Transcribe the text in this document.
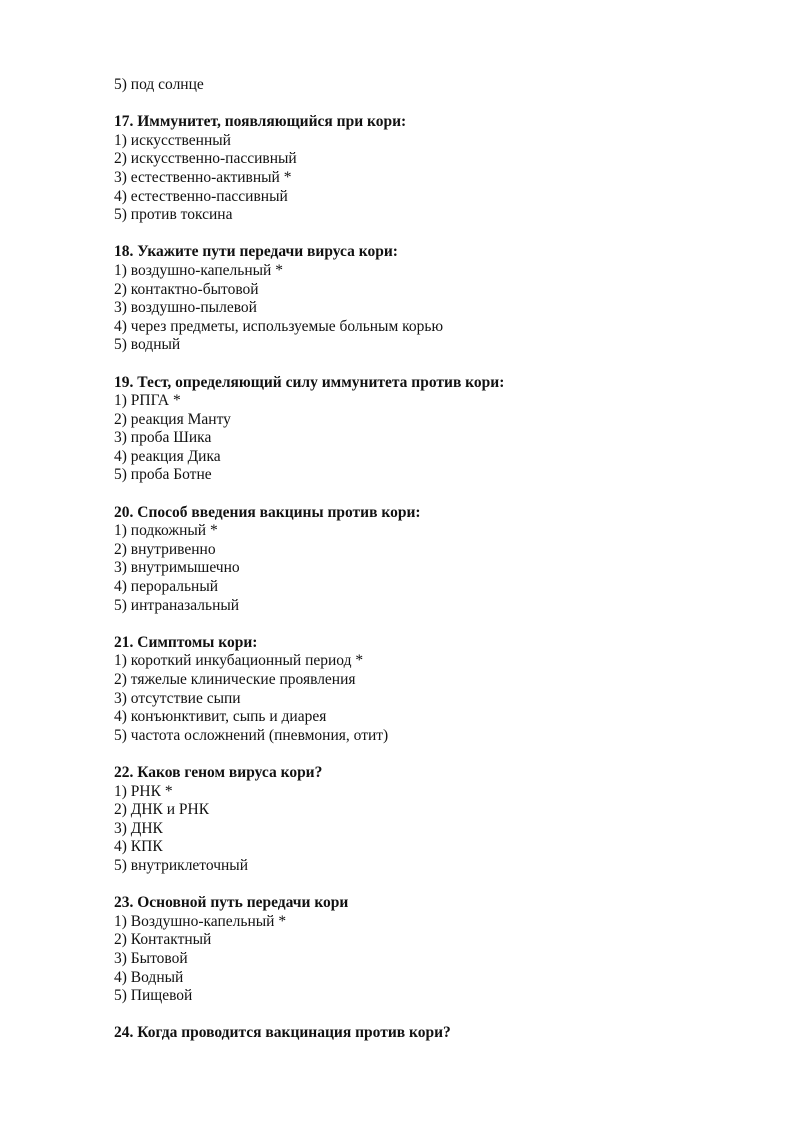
5) под солнце
17. Иммунитет, появляющийся при кори:
1) искусственный
2) искусственно-пассивный
3) естественно-активный *
4) естественно-пассивный
5) против токсина
18. Укажите пути передачи вируса кори:
1) воздушно-капельный *
2) контактно-бытовой
3) воздушно-пылевой
4) через предметы, используемые больным корью
5) водный
19. Тест, определяющий силу иммунитета против кори:
1) РПГА *
2) реакция Манту
3) проба Шика
4) реакция Дика
5) проба Ботне
20. Способ введения вакцины против кори:
1) подкожный *
2) внутривенно
3) внутримышечно
4) пероральный
5) интраназальный
21. Симптомы кори:
1) короткий инкубационный период *
2) тяжелые клинические проявления
3) отсутствие сыпи
4) конъюнктивит, сыпь и диарея
5) частота осложнений (пневмония, отит)
22. Каков геном вируса кори?
1) РНК *
2) ДНК и РНК
3) ДНК
4) КПК
5) внутриклеточный
23. Основной путь передачи кори
1) Воздушно-капельный *
2) Контактный
3) Бытовой
4) Водный
5) Пищевой
24. Когда проводится вакцинация против кори?
